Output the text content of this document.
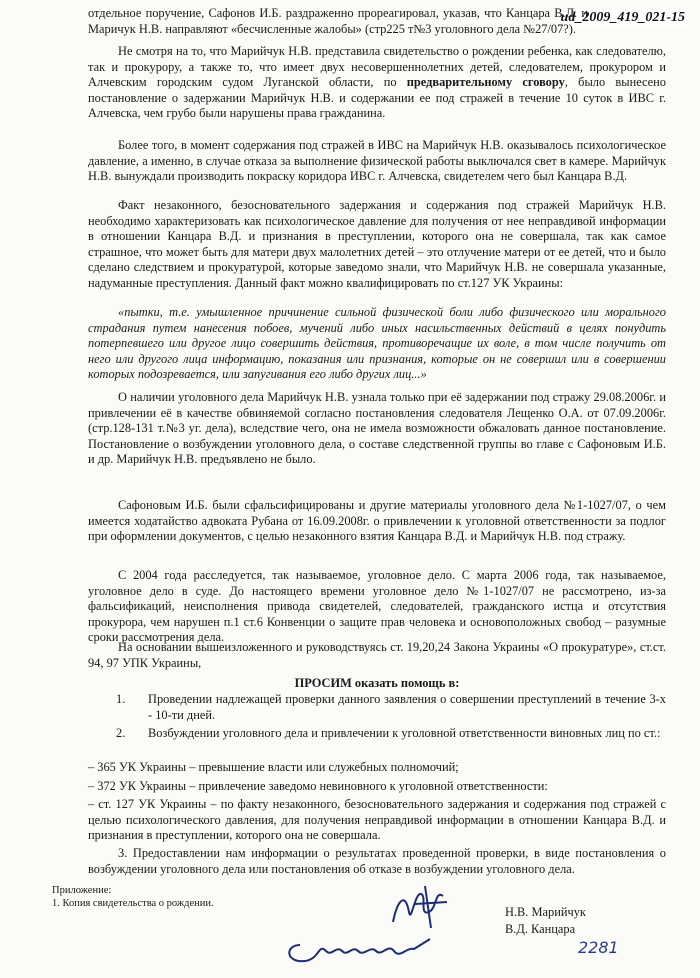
ud_2009_419_021-15

отдельное поручение, Сафонов И.Б. раздраженно прореагировал, указав, что Канцара В.Д. и Маричук Н.В. направляют «бесчисленные жалобы» (стр225 т№3 уголовного дела №27/07?).

Не смотря на то, что Марийчук Н.В. представила свидетельство о рождении ребенка, как следователю, так и прокурору, а также то, что имеет двух несовершеннолетних детей, следователем, прокурором и Алчевским городским судом Луганской области, по предварительному сговору, было вынесено постановление о задержании Марийчук Н.В. и содержании ее под стражей в течение 10 суток в ИВС г. Алчевска, чем грубо были нарушены права гражданина.

Более того, в момент содержания под стражей в ИВС на Марийчук Н.В. оказывалось психологическое давление, а именно, в случае отказа за выполнение физической работы выключался свет в камере. Марийчук Н.В. вынуждали производить покраску коридора ИВС г. Алчевска, свидетелем чего был Канцара В.Д.

Факт незаконного, безосновательного задержания и содержания под стражей Марийчук Н.В. необходимо характеризовать как психологическое давление для получения от нее неправдивой информации в отношении Канцара В.Д. и признания в преступлении, которого она не совершала, так как самое страшное, что может быть для матери двух малолетних детей – это отлучение матери от ее детей, что и было сделано следствием и прокуратурой, которые заведомо знали, что Марийчук Н.В. не совершала указанные, надуманные преступления. Данный факт можно квалифицировать по ст.127 УК Украины:

«пытки, т.е. умышленное причинение сильной физической боли либо физического или морального страдания путем нанесения побоев, мучений либо иных насильственных действий в целях понудить потерпевшего или другое лицо совершить действия, противоречащие их воле, в том числе получить от него или другого лица информацию, показания или признания, которые он не совершил или в совершении которых подозревается, или запугивания его либо других лиц...»

О наличии уголовного дела Марийчук Н.В. узнала только при её задержании под стражу 29.08.2006г. и привлечении её в качестве обвиняемой согласно постановления следователя Лещенко О.А. от 07.09.2006г. (стр.128-131 т.№3 уг. дела), вследствие чего, она не имела возможности обжаловать данное постановление. Постановление о возбуждении уголовного дела, о составе следственной группы во главе с Сафоновым И.Б. и др. Марийчук Н.В. предъявлено не было.

Сафоновым И.Б. были сфальсифицированы и другие материалы уголовного дела №1-1027/07, о чем имеется ходатайство адвоката Рубана от 16.09.2008г. о привлечении к уголовной ответственности за подлог при оформлении документов, с целью незаконного взятия Канцара В.Д. и Марийчук Н.В. под стражу.

С 2004 года расследуется, так называемое, уголовное дело. С марта 2006 года, так называемое, уголовное дело в суде. До настоящего времени уголовное дело №1-1027/07 не рассмотрено, из-за фальсификаций, неисполнения привода свидетелей, следователей, гражданского истца и отсутствия прокурора, чем нарушен п.1 ст.6 Конвенции о защите прав человека и основоположных свобод – разумные сроки рассмотрения дела.

На основании вышеизложенного и руководствуясь ст. 19,20,24 Закона Украины «О прокуратуре», ст.ст. 94, 97 УПК Украины,

ПРОСИМ оказать помощь в:
1.	Проведении надлежащей проверки данного заявления о совершении преступлений в течение 3-х - 10-ти дней.
2.	Возбуждении уголовного дела и привлечении к уголовной ответственности виновных лиц по ст.:

– 365 УК Украины – превышение власти или служебных полномочий;

– 372 УК Украины – привлечение заведомо невиновного к уголовной ответственности:

– ст. 127 УК Украины – по факту незаконного, безосновательного задержания и содержания под стражей с целью психологического давления, для получения неправдивой информации в отношении Канцара В.Д. и признания в преступлении, которого она не совершала.

3. Предоставлении нам информации о результатах проведенной проверки, в виде постановления о возбуждении уголовного дела или постановления об отказе в возбуждении уголовного дела.

Приложение:
1. Копия свидетельства о рождении.
Н.В. Марийчук
В.Д. Канцара
2281
